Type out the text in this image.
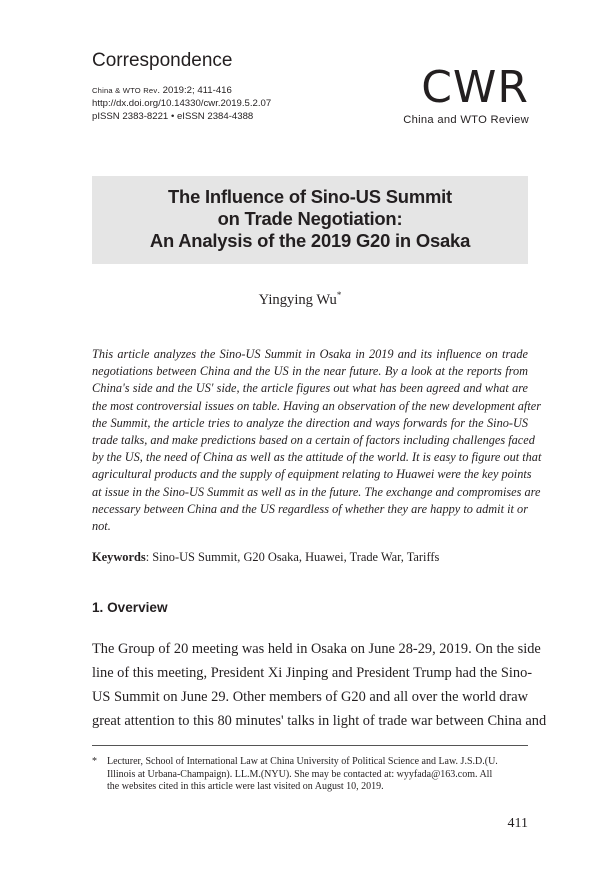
Correspondence
China & WTO Rev. 2019:2; 411-416
http://dx.doi.org/10.14330/cwr.2019.5.2.07
pISSN 2383-8221 • eISSN 2384-4388
CWR
China and WTO Review
The Influence of Sino-US Summit
on Trade Negotiation:
An Analysis of the 2019 G20 in Osaka
Yingying Wu*
This article analyzes the Sino-US Summit in Osaka in 2019 and its influence on trade
negotiations between China and the US in the near future. By a look at the reports from
China's side and the US' side, the article figures out what has been agreed and what are
the most controversial issues on table. Having an observation of the new development after
the Summit, the article tries to analyze the direction and ways forwards for the Sino-US
trade talks, and make predictions based on a certain of factors including challenges faced
by the US, the need of China as well as the attitude of the world. It is easy to figure out that
agricultural products and the supply of equipment relating to Huawei were the key points
at issue in the Sino-US Summit as well as in the future. The exchange and compromises are
necessary between China and the US regardless of whether they are happy to admit it or
not.
Keywords: Sino-US Summit, G20 Osaka, Huawei, Trade War, Tariffs
1. Overview
The Group of 20 meeting was held in Osaka on June 28-29, 2019. On the side
line of this meeting, President Xi Jinping and President Trump had the Sino-
US Summit on June 29. Other members of G20 and all over the world draw
great attention to this 80 minutes' talks in light of trade war between China and
* Lecturer, School of International Law at China University of Political Science and Law. J.S.D.(U.
Illinois at Urbana-Champaign). LL.M.(NYU). She may be contacted at: wyyfada@163.com. All
the websites cited in this article were last visited on August 10, 2019.
411
